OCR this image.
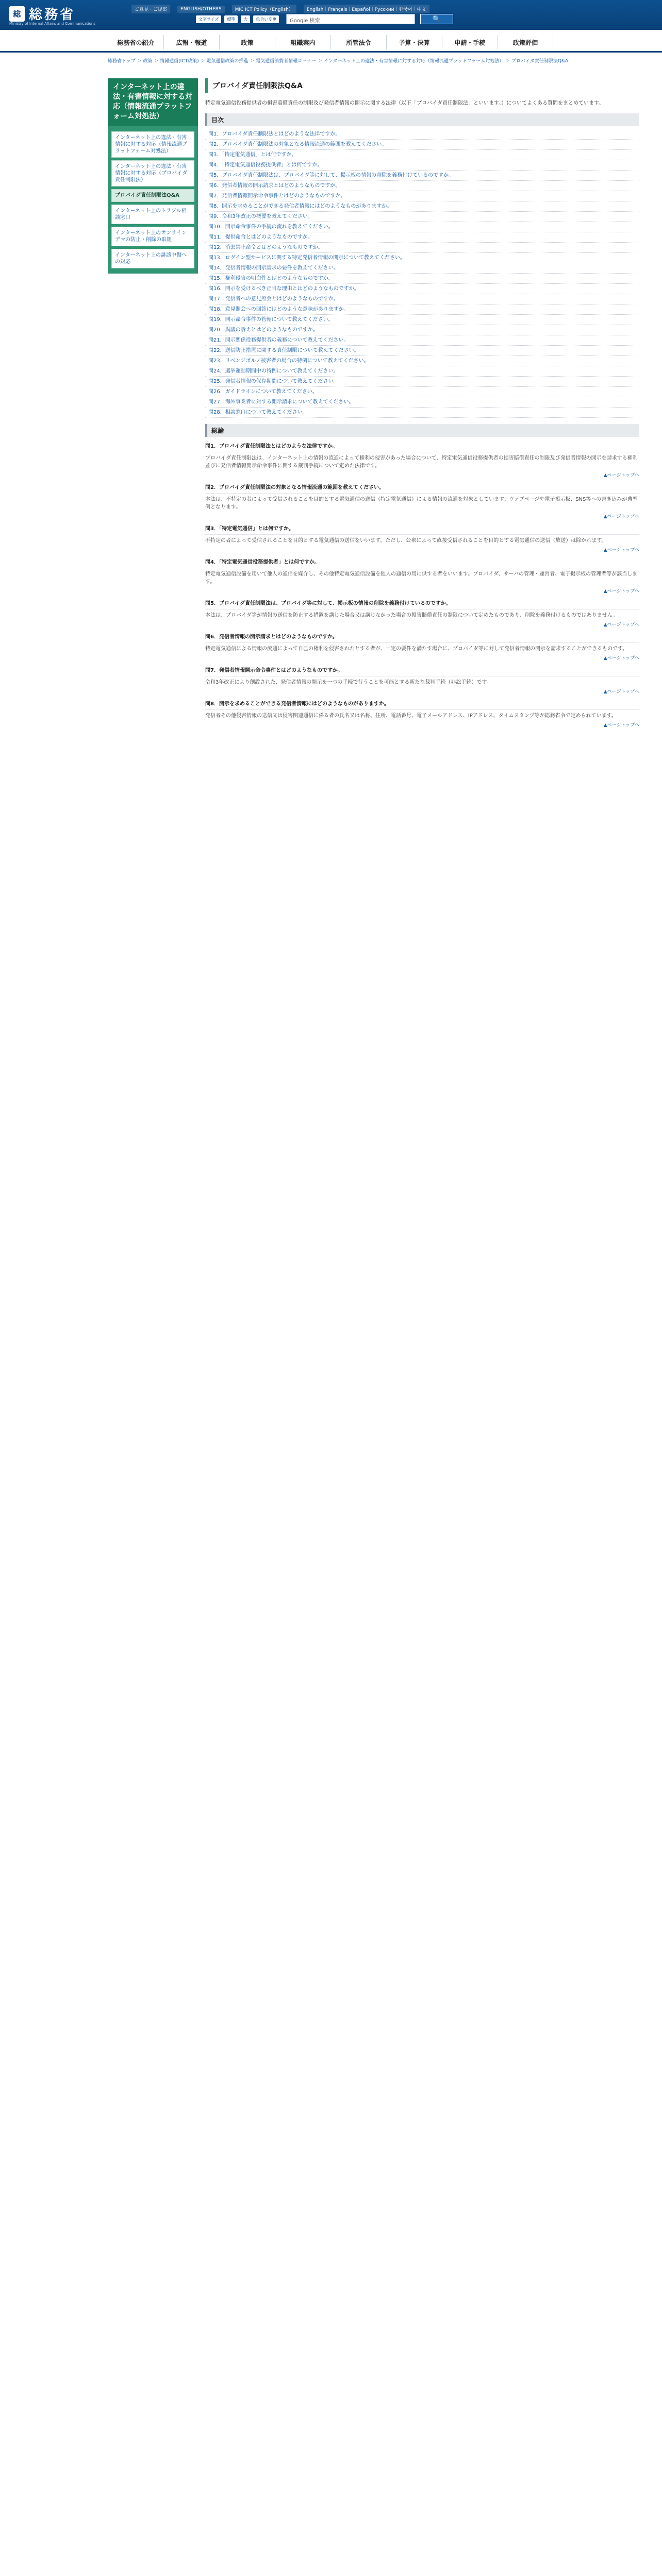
総 総務省
Ministry of Internal Affairs and Communications
ご意見・ご提案	ENGLISH/OTHERS	MIC ICT Policy（English）	English｜Français｜Español｜Русский｜한국어｜中文
文字サイズ	標準	大	色合い変更	Google 検索	🔍
総務省の紹介	広報・報道	政策	組織案内	所管法令	予算・決算	申請・手続	政策評価
総務省トップ ＞ 政策 ＞ 情報通信(ICT政策) ＞ 電気通信政策の推進 ＞ 電気通信消費者情報コーナー ＞ インターネット上の違法・有害情報に対する対応（情報流通プラットフォーム対処法） ＞ プロバイダ責任制限法Q&A
インターネット上の違法・有害情報に対する対応（情報流通プラットフォーム対処法）
インターネット上の違法・有害情報に対する対応（情報流通プラットフォーム対処法）
インターネット上の違法・有害情報に対する対応（プロバイダ責任制限法）
プロバイダ責任制限法Q&A
インターネット上のトラブル相談窓口
インターネット上のオンラインデマの防止・削除の取組
インターネット上の誹謗中傷への対応
プロバイダ責任制限法Q&A

特定電気通信役務提供者の損害賠償責任の制限及び発信者情報の開示に関する法律（以下「プロバイダ責任制限法」といいます。）についてよくある質問をまとめています。

目次
問1．プロバイダ責任制限法とはどのような法律ですか。
問2．プロバイダ責任制限法の対象となる情報流通の範囲を教えてください。
問3．「特定電気通信」とは何ですか。
問4．「特定電気通信役務提供者」とは何ですか。
問5．プロバイダ責任制限法は、プロバイダ等に対して、掲示板の情報の削除を義務付けているのですか。
問6．発信者情報の開示請求とはどのようなものですか。
問7．発信者情報開示命令事件とはどのようなものですか。
問8．開示を求めることができる発信者情報にはどのようなものがありますか。
問9．令和3年改正の概要を教えてください。
問10．開示命令事件の手続の流れを教えてください。
問11．提供命令とはどのようなものですか。
問12．消去禁止命令とはどのようなものですか。
問13．ログイン型サービスに関する特定発信者情報の開示について教えてください。
問14．発信者情報の開示請求の要件を教えてください。
問15．権利侵害の明白性とはどのようなものですか。
問16．開示を受けるべき正当な理由とはどのようなものですか。
問17．発信者への意見照会とはどのようなものですか。
問18．意見照会への回答にはどのような意味がありますか。
問19．開示命令事件の管轄について教えてください。
問20．異議の訴えとはどのようなものですか。
問21．開示関係役務提供者の義務について教えてください。
問22．送信防止措置に関する責任制限について教えてください。
問23．リベンジポルノ被害者の場合の特例について教えてください。
問24．選挙運動期間中の特例について教えてください。
問25．発信者情報の保存期間について教えてください。
問26．ガイドラインについて教えてください。
問27．海外事業者に対する開示請求について教えてください。
問28．相談窓口について教えてください。
総論
問1．プロバイダ責任制限法とはどのような法律ですか。
プロバイダ責任制限法は、インターネット上の情報の流通によって権利の侵害があった場合について、特定電気通信役務提供者の損害賠償責任の制限及び発信者情報の開示を請求する権利並びに発信者情報開示命令事件に関する裁判手続について定めた法律です。
▲ページトップへ
問2．プロバイダ責任制限法の対象となる情報流通の範囲を教えてください。
本法は、不特定の者によって受信されることを目的とする電気通信の送信（特定電気通信）による情報の流通を対象としています。ウェブページや電子掲示板、SNS等への書き込みが典型例となります。
▲ページトップへ
問3．「特定電気通信」とは何ですか。
不特定の者によって受信されることを目的とする電気通信の送信をいいます。ただし、公衆によって直接受信されることを目的とする電気通信の送信（放送）は除かれます。
▲ページトップへ
問4．「特定電気通信役務提供者」とは何ですか。
特定電気通信設備を用いて他人の通信を媒介し、その他特定電気通信設備を他人の通信の用に供する者をいいます。プロバイダ、サーバの管理・運営者、電子掲示板の管理者等が該当します。
▲ページトップへ
問5．プロバイダ責任制限法は、プロバイダ等に対して、掲示板の情報の削除を義務付けているのですか。
本法は、プロバイダ等が情報の送信を防止する措置を講じた場合又は講じなかった場合の損害賠償責任の制限について定めたものであり、削除を義務付けるものではありません。
▲ページトップへ
問6．発信者情報の開示請求とはどのようなものですか。
特定電気通信による情報の流通によって自己の権利を侵害されたとする者が、一定の要件を満たす場合に、プロバイダ等に対して発信者情報の開示を請求することができるものです。
▲ページトップへ
問7．発信者情報開示命令事件とはどのようなものですか。
令和3年改正により創設された、発信者情報の開示を一つの手続で行うことを可能とする新たな裁判手続（非訟手続）です。
▲ページトップへ
問8．開示を求めることができる発信者情報にはどのようなものがありますか。
発信者その他侵害情報の送信又は侵害関連通信に係る者の氏名又は名称、住所、電話番号、電子メールアドレス、IPアドレス、タイムスタンプ等が総務省令で定められています。
▲ページトップへ
